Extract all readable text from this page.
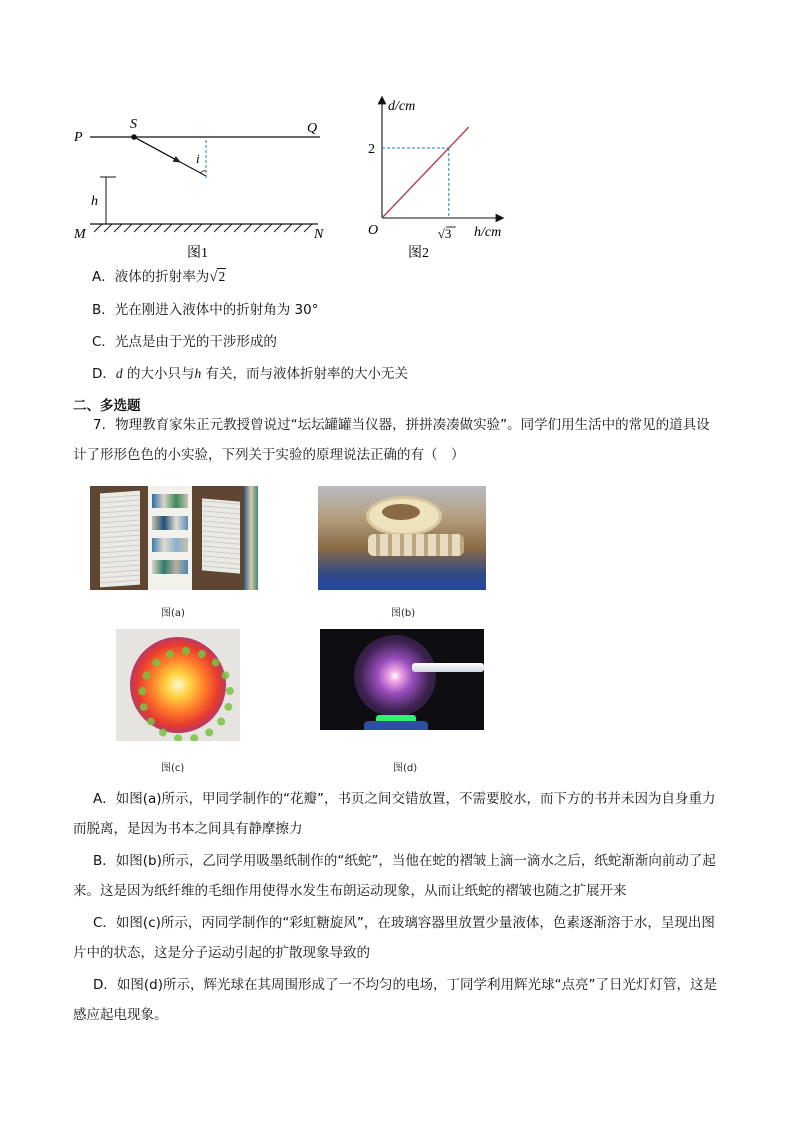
P
S	Q
i
h
M	N
图1
d/cm
h/cm
O
2
√3
图2
A．液体的折射率为√2
B．光在刚进入液体中的折射角为 30°
C．光点是由于光的干涉形成的
D．d 的大小只与h 有关，而与液体折射率的大小无关
二、多选题
7．物理教育家朱正元教授曾说过“坛坛罐罐当仪器，拼拼凑凑做实验”。同学们用生活中的常见的道具设计了形形色色的小实验，下列关于实验的原理说法正确的有（　）
图(a)	图(b)
图(c)	图(d)
A．如图(a)所示，甲同学制作的“花瓣”，书页之间交错放置，不需要胶水，而下方的书并未因为自身重力而脱离，是因为书本之间具有静摩擦力
B．如图(b)所示，乙同学用吸墨纸制作的“纸蛇”，当他在蛇的褶皱上滴一滴水之后，纸蛇渐渐向前动了起来。这是因为纸纤维的毛细作用使得水发生布朗运动现象，从而让纸蛇的褶皱也随之扩展开来
C．如图(c)所示，丙同学制作的“彩虹糖旋风”，在玻璃容器里放置少量液体，色素逐渐溶于水，呈现出图片中的状态，这是分子运动引起的扩散现象导致的
D．如图(d)所示，辉光球在其周围形成了一不均匀的电场，丁同学利用辉光球“点亮”了日光灯灯管，这是感应起电现象。
